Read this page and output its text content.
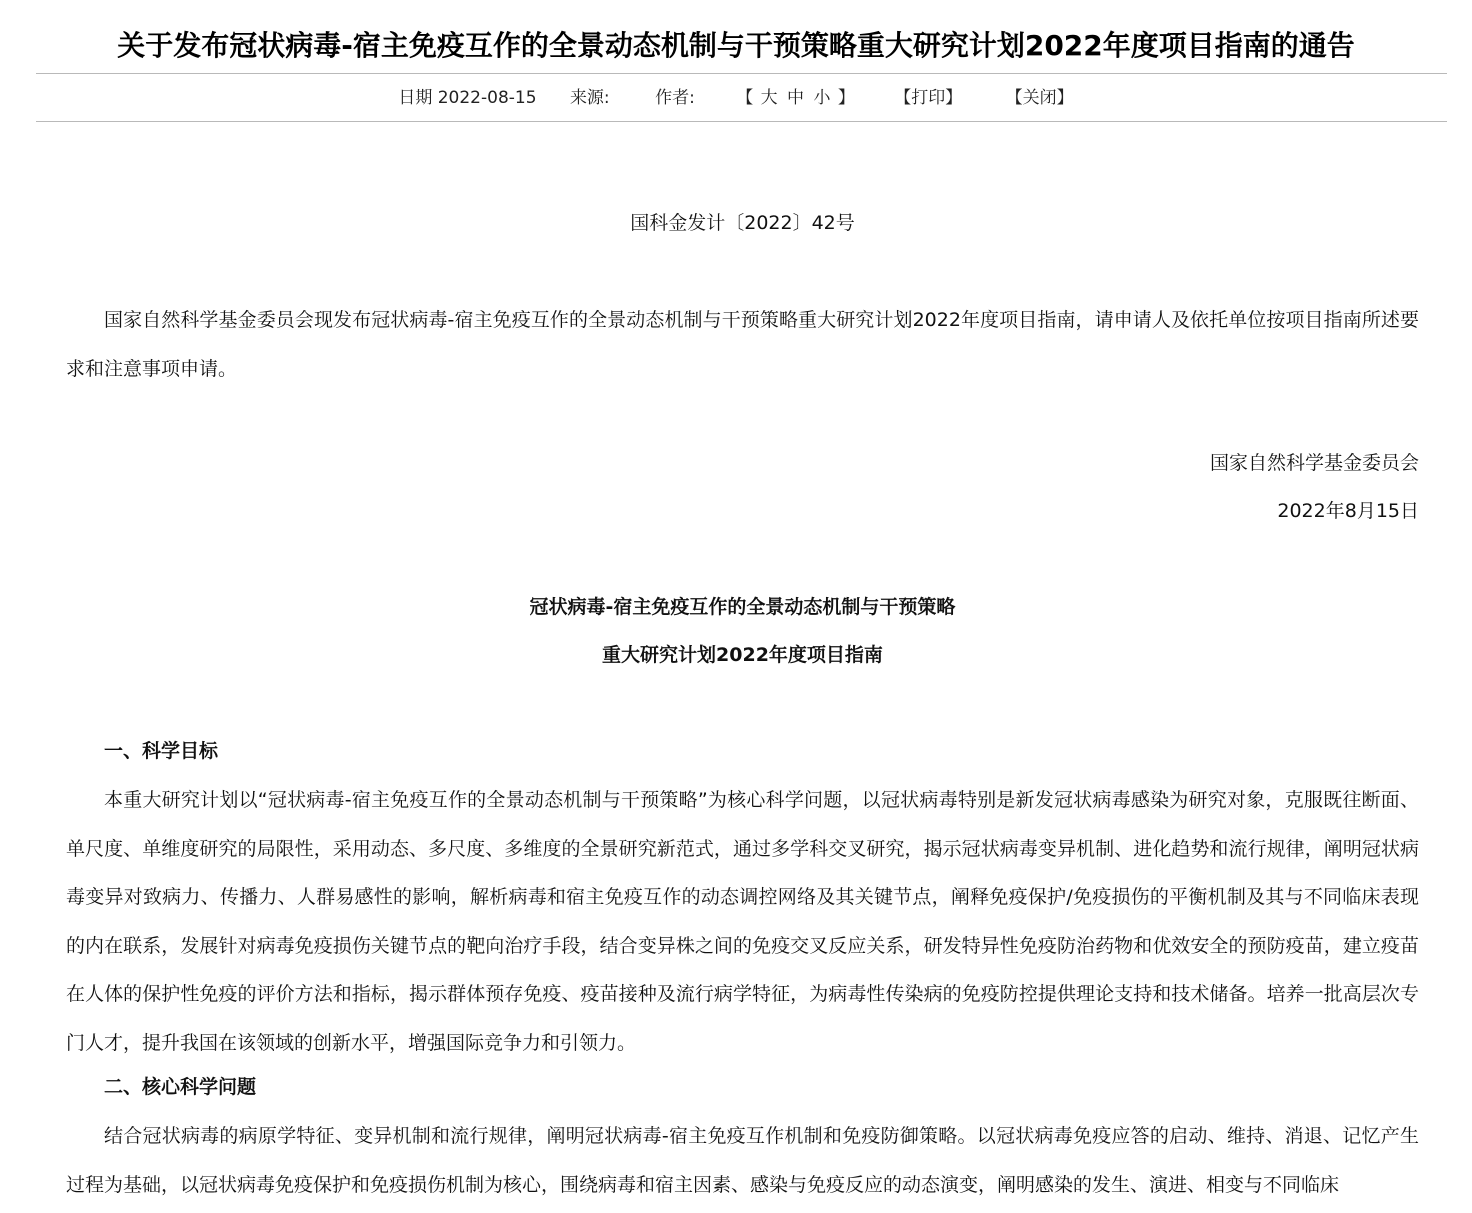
关于发布冠状病毒-宿主免疫互作的全景动态机制与干预策略重大研究计划2022年度项目指南的通告
日期 2022-08-15 来源:	作者: 【 大 中 小 】 【打印】	【关闭】
国科金发计〔2022〕42号
国家自然科学基金委员会现发布冠状病毒-宿主免疫互作的全景动态机制与干预策略重大研究计划2022年度项目指南，请申请人及依托单位按项目指南所述要求和注意事项申请。
国家自然科学基金委员会
2022年8月15日
冠状病毒-宿主免疫互作的全景动态机制与干预策略
重大研究计划2022年度项目指南
一、科学目标
本重大研究计划以“冠状病毒-宿主免疫互作的全景动态机制与干预策略”为核心科学问题，以冠状病毒特别是新发冠状病毒感染为研究对象，克服既往断面、单尺度、单维度研究的局限性，采用动态、多尺度、多维度的全景研究新范式，通过多学科交叉研究，揭示冠状病毒变异机制、进化趋势和流行规律，阐明冠状病毒变异对致病力、传播力、人群易感性的影响，解析病毒和宿主免疫互作的动态调控网络及其关键节点，阐释免疫保护/免疫损伤的平衡机制及其与不同临床表现的内在联系，发展针对病毒免疫损伤关键节点的靶向治疗手段，结合变异株之间的免疫交叉反应关系，研发特异性免疫防治药物和优效安全的预防疫苗，建立疫苗在人体的保护性免疫的评价方法和指标，揭示群体预存免疫、疫苗接种及流行病学特征，为病毒性传染病的免疫防控提供理论支持和技术储备。培养一批高层次专门人才，提升我国在该领域的创新水平，增强国际竞争力和引领力。
二、核心科学问题
结合冠状病毒的病原学特征、变异机制和流行规律，阐明冠状病毒-宿主免疫互作机制和免疫防御策略。以冠状病毒免疫应答的启动、维持、消退、记忆产生过程为基础，以冠状病毒免疫保护和免疫损伤机制为核心，围绕病毒和宿主因素、感染与免疫反应的动态演变，阐明感染的发生、演进、相变与不同临床
